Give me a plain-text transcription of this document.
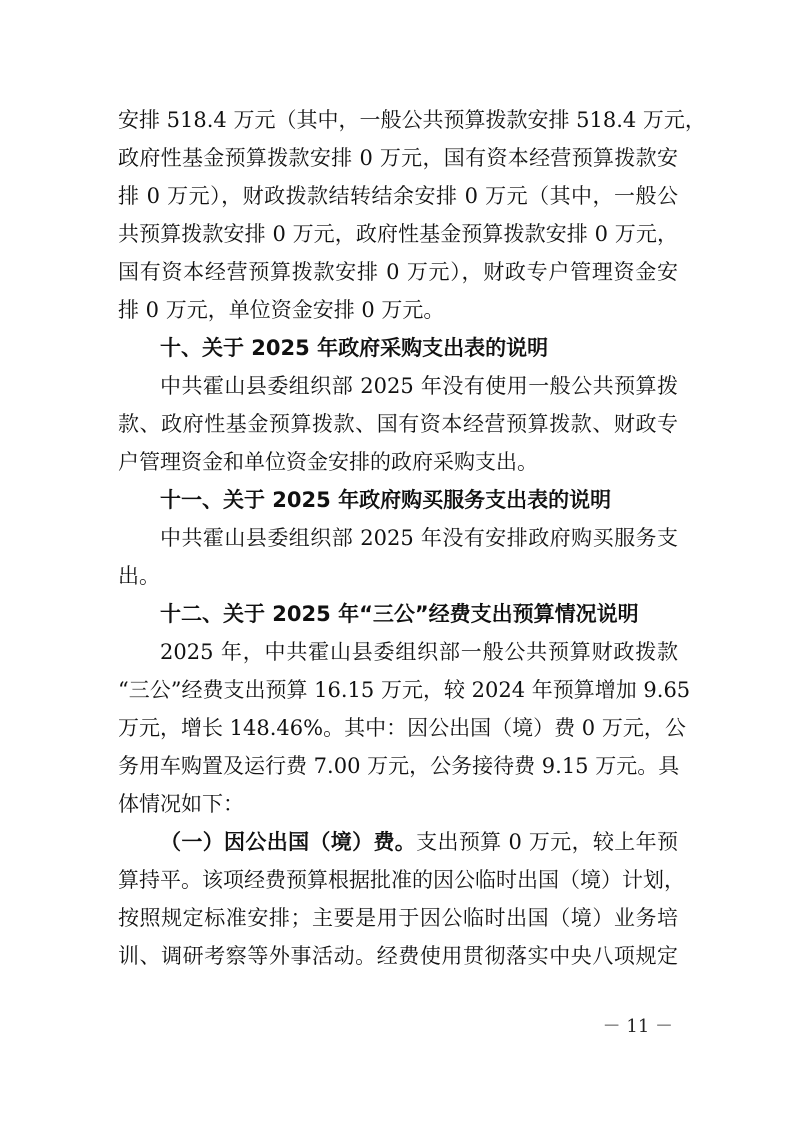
安排 518.4 万元（其中，一般公共预算拨款安排 518.4 万元，
政府性基金预算拨款安排 0 万元，国有资本经营预算拨款安
排 0 万元），财政拨款结转结余安排 0 万元（其中，一般公
共预算拨款安排 0 万元，政府性基金预算拨款安排 0 万元，
国有资本经营预算拨款安排 0 万元），财政专户管理资金安
排 0 万元，单位资金安排 0 万元。
十、关于 2025 年政府采购支出表的说明
中共霍山县委组织部 2025 年没有使用一般公共预算拨
款、政府性基金预算拨款、国有资本经营预算拨款、财政专
户管理资金和单位资金安排的政府采购支出。
十一、关于 2025 年政府购买服务支出表的说明
中共霍山县委组织部 2025 年没有安排政府购买服务支
出。
十二、关于 2025 年“三公”经费支出预算情况说明
2025 年，中共霍山县委组织部一般公共预算财政拨款
“三公”经费支出预算 16.15 万元，较 2024 年预算增加 9.65
万元，增长 148.46%。其中：因公出国（境）费 0 万元，公
务用车购置及运行费 7.00 万元，公务接待费 9.15 万元。具
体情况如下：
（一）因公出国（境）费。支出预算 0 万元，较上年预
算持平。该项经费预算根据批准的因公临时出国（境）计划，
按照规定标准安排；主要是用于因公临时出国（境）业务培
训、调研考察等外事活动。经费使用贯彻落实中央八项规定
－ 11 －
